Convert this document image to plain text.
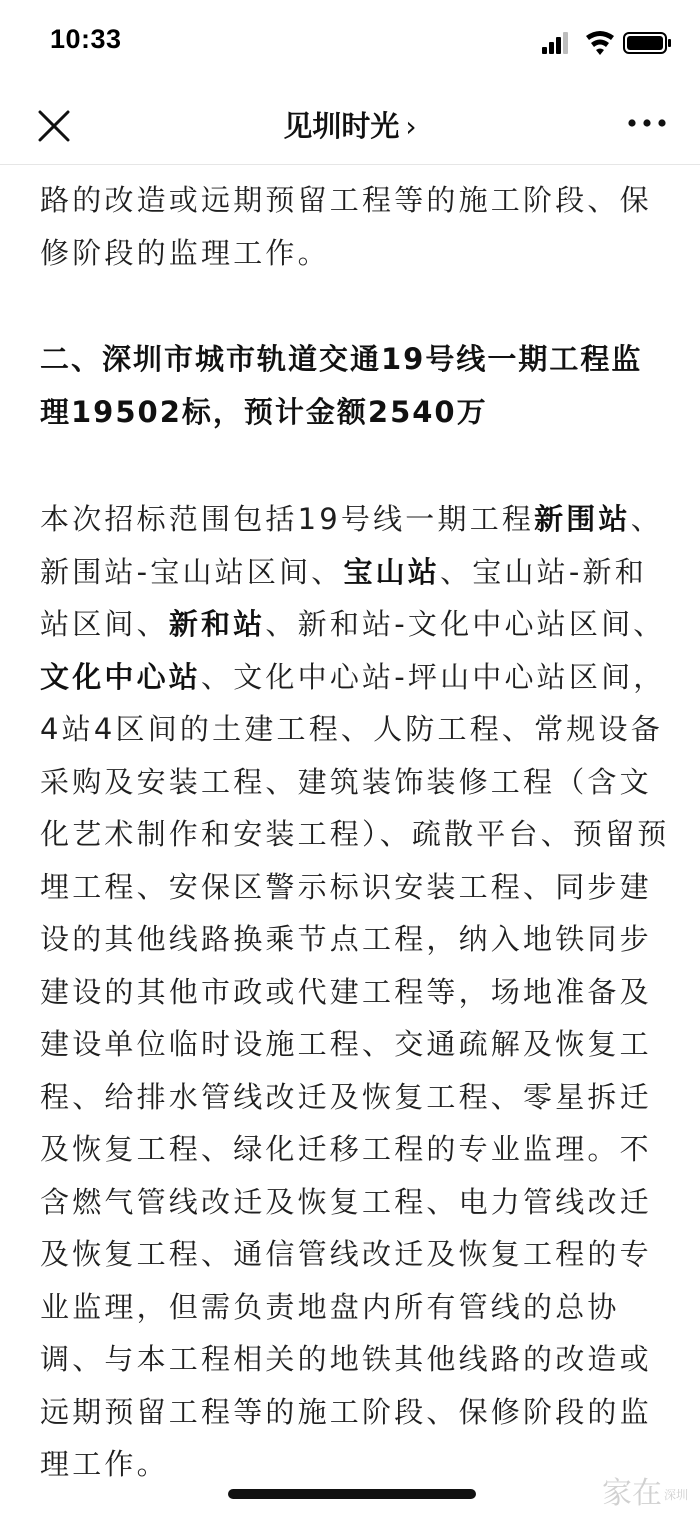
10:33
见圳时光 ›

路的改造或远期预留工程等的施工阶段、保修阶段的监理工作。

二、深圳市城市轨道交通19号线一期工程监理19502标，预计金额2540万

本次招标范围包括19号线一期工程新围站、新围站-宝山站区间、宝山站、宝山站-新和站区间、新和站、新和站-文化中心站区间、文化中心站、文化中心站-坪山中心站区间，4站4区间的土建工程、人防工程、常规设备采购及安装工程、建筑装饰装修工程（含文化艺术制作和安装工程）、疏散平台、预留预埋工程、安保区警示标识安装工程、同步建设的其他线路换乘节点工程，纳入地铁同步建设的其他市政或代建工程等，场地准备及建设单位临时设施工程、交通疏解及恢复工程、给排水管线改迁及恢复工程、零星拆迁及恢复工程、绿化迁移工程的专业监理。不含燃气管线改迁及恢复工程、电力管线改迁及恢复工程、通信管线改迁及恢复工程的专业监理，但需负责地盘内所有管线的总协调、与本工程相关的地铁其他线路的改造或远期预留工程等的施工阶段、保修阶段的监理工作。

家在 深圳
